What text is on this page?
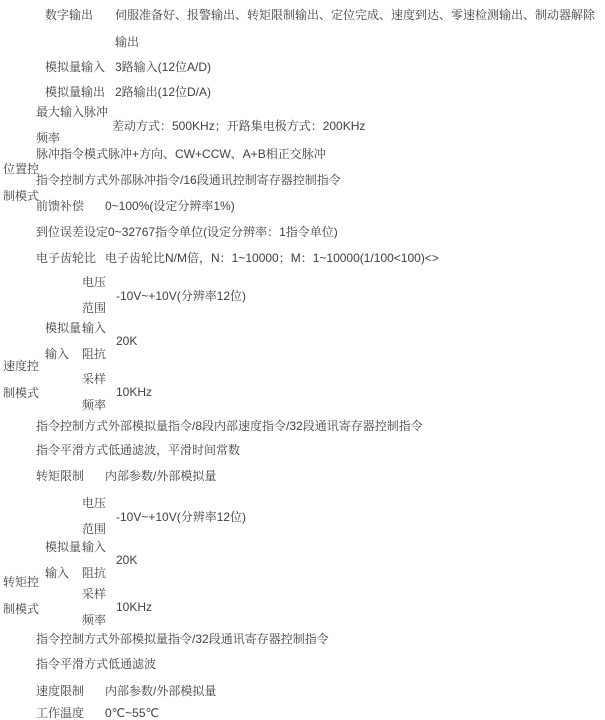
数字输出	伺服准备好、报警输出、转矩限制输出、定位完成、速度到达、零速检测输出、制动器解除输出
模拟量输入 3路输入(12位A/D)
模拟量输出 2路输出(12位D/A)
最大输入脉冲频率
差动方式：500KHz；开路集电极方式：200KHz
位置控制模式
脉冲指令模式脉冲+方向、CW+CCW、A+B相正交脉冲
指令控制方式外部脉冲指令/16段通讯控制寄存器控制指令
前馈补偿 0~100%(设定分辨率1%)
到位误差设定0~32767指令单位(设定分辨率：1指令单位)
电子齿轮比 电子齿轮比N/M倍，N：1~10000；M：1~10000(1/100<100)<>
速度控制模式
模拟量输入
电压范围
-10V~+10V(分辨率12位)
输入阻抗
20K
采样频率
10KHz
指令控制方式外部模拟量指令/8段内部速度指令/32段通讯寄存器控制指令
指令平滑方式低通滤波，平滑时间常数
转矩限制 内部参数/外部模拟量
转矩控制模式
模拟量输入
电压范围
-10V~+10V(分辨率12位)
输入阻抗
20K
采样频率
10KHz
指令控制方式外部模拟量指令/32段通讯寄存器控制指令
指令平滑方式低通滤波
速度限制 内部参数/外部模拟量
工作温度 0℃~55℃
